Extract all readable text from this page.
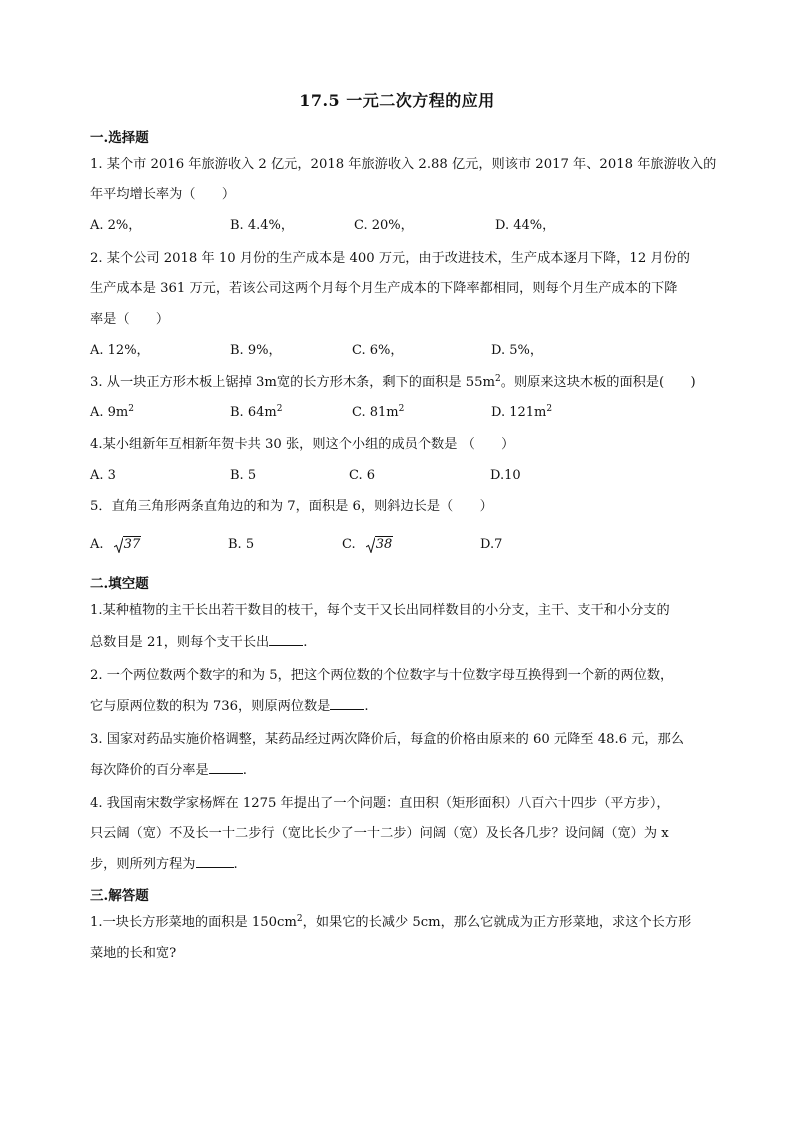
17.5 一元二次方程的应用
一.选择题
1. 某个市 2016 年旅游收入 2 亿元，2018 年旅游收入 2.88 亿元，则该市 2017 年、2018 年旅游收入的
年平均增长率为（　　）
A. 2%，	B. 4.4%，	C. 20%，	D. 44%，
2. 某个公司 2018 年 10 月份的生产成本是 400 万元，由于改进技术，生产成本逐月下降，12 月份的
生产成本是 361 万元，若该公司这两个月每个月生产成本的下降率都相同，则每个月生产成本的下降
率是（　　）
A. 12%，	B. 9%，	C. 6%，	D. 5%，
3. 从一块正方形木板上锯掉 3m宽的长方形木条，剩下的面积是 $55m^2$。则原来这块木板的面积是(　　)
A. $9m^2$	B. $64m^2$	C. $81m^2$	D. $121m^2$
4.某小组新年互相新年贺卡共 30 张，则这个小组的成员个数是 （　　）
A. 3	B. 5	C. 6	D.10
5．直角三角形两条直角边的和为 7，面积是 6，则斜边长是（　　）
A. 37	B. 5	C. 38	D.7
二.填空题
1.某种植物的主干长出若干数目的枝干，每个支干又长出同样数目的小分支，主干、支干和小分支的
总数目是 21，则每个支干长出	.
2. 一个两位数两个数字的和为 5，把这个两位数的个位数字与十位数字母互换得到一个新的两位数，
它与原两位数的积为 736，则原两位数是	.
3. 国家对药品实施价格调整，某药品经过两次降价后，每盒的价格由原来的 60 元降至 48.6 元，那么
每次降价的百分率是	.
4. 我国南宋数学家杨辉在 1275 年提出了一个问题：直田积（矩形面积）八百六十四步（平方步），
只云阔（宽）不及长一十二步行（宽比长少了一十二步）问阔（宽）及长各几步？设问阔（宽）为 x
步，则所列方程为	.
三.解答题
1.一块长方形菜地的面积是 $150cm^2$，如果它的长减少 5cm，那么它就成为正方形菜地，求这个长方形
菜地的长和宽?
